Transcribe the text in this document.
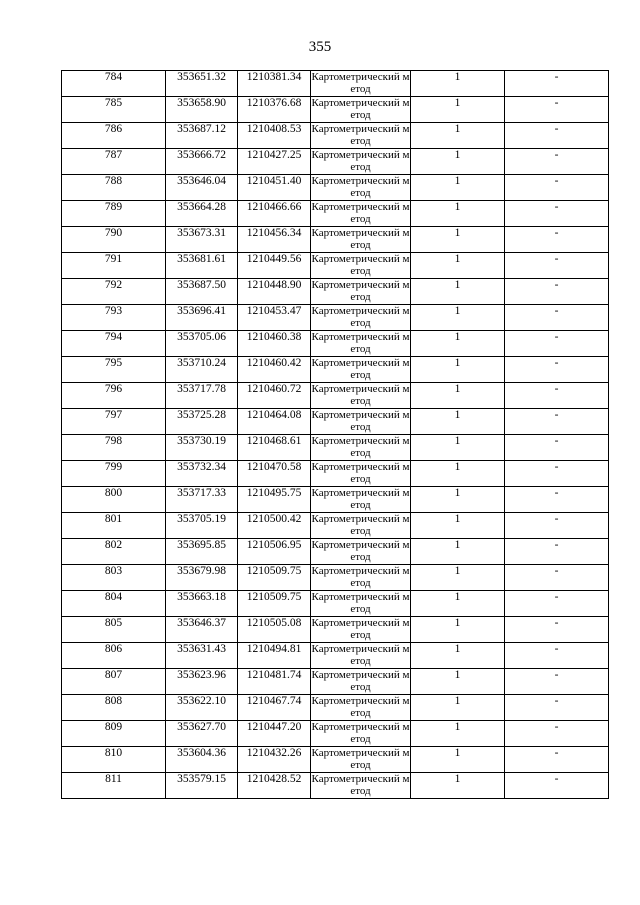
355
784	353651.32	1210381.34	Картометрический метод	1	-
785	353658.90	1210376.68	Картометрический метод	1	-
786	353687.12	1210408.53	Картометрический метод	1	-
787	353666.72	1210427.25	Картометрический метод	1	-
788	353646.04	1210451.40	Картометрический метод	1	-
789	353664.28	1210466.66	Картометрический метод	1	-
790	353673.31	1210456.34	Картометрический метод	1	-
791	353681.61	1210449.56	Картометрический метод	1	-
792	353687.50	1210448.90	Картометрический метод	1	-
793	353696.41	1210453.47	Картометрический метод	1	-
794	353705.06	1210460.38	Картометрический метод	1	-
795	353710.24	1210460.42	Картометрический метод	1	-
796	353717.78	1210460.72	Картометрический метод	1	-
797	353725.28	1210464.08	Картометрический метод	1	-
798	353730.19	1210468.61	Картометрический метод	1	-
799	353732.34	1210470.58	Картометрический метод	1	-
800	353717.33	1210495.75	Картометрический метод	1	-
801	353705.19	1210500.42	Картометрический метод	1	-
802	353695.85	1210506.95	Картометрический метод	1	-
803	353679.98	1210509.75	Картометрический метод	1	-
804	353663.18	1210509.75	Картометрический метод	1	-
805	353646.37	1210505.08	Картометрический метод	1	-
806	353631.43	1210494.81	Картометрический метод	1	-
807	353623.96	1210481.74	Картометрический метод	1	-
808	353622.10	1210467.74	Картометрический метод	1	-
809	353627.70	1210447.20	Картометрический метод	1	-
810	353604.36	1210432.26	Картометрический метод	1	-
811	353579.15	1210428.52	Картометрический метод	1	-
